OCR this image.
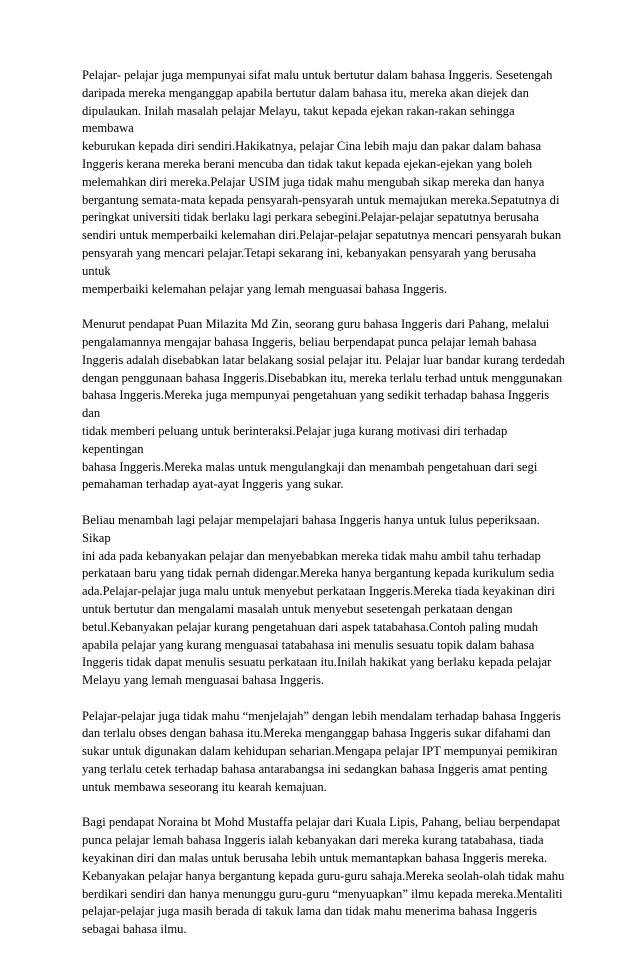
Pelajar- pelajar juga mempunyai sifat malu untuk bertutur dalam bahasa Inggeris. Sesetengah
daripada mereka menganggap apabila bertutur dalam bahasa itu, mereka akan diejek dan
dipulaukan. Inilah masalah pelajar Melayu, takut kepada ejekan rakan-rakan sehingga membawa
keburukan kepada diri sendiri.Hakikatnya, pelajar Cina lebih maju dan pakar dalam bahasa
Inggeris kerana mereka berani mencuba dan tidak takut kepada ejekan-ejekan yang boleh
melemahkan diri mereka.Pelajar USIM juga tidak mahu mengubah sikap mereka dan hanya
bergantung semata-mata kepada pensyarah-pensyarah untuk memajukan mereka.Sepatutnya di
peringkat universiti tidak berlaku lagi perkara sebegini.Pelajar-pelajar sepatutnya berusaha
sendiri untuk memperbaiki kelemahan diri.Pelajar-pelajar sepatutnya mencari pensyarah bukan
pensyarah yang mencari pelajar.Tetapi sekarang ini, kebanyakan pensyarah yang berusaha untuk
memperbaiki kelemahan pelajar yang lemah menguasai bahasa Inggeris.

Menurut pendapat Puan Milazita Md Zin, seorang guru bahasa Inggeris dari Pahang, melalui
pengalamannya mengajar bahasa Inggeris, beliau berpendapat punca pelajar lemah bahasa
Inggeris adalah disebabkan latar belakang sosial pelajar itu. Pelajar luar bandar kurang terdedah
dengan penggunaan bahasa Inggeris.Disebabkan itu, mereka terlalu terhad untuk menggunakan
bahasa Inggeris.Mereka juga mempunyai pengetahuan yang sedikit terhadap bahasa Inggeris dan
tidak memberi peluang untuk berinteraksi.Pelajar juga kurang motivasi diri terhadap kepentingan
bahasa Inggeris.Mereka malas untuk mengulangkaji dan menambah pengetahuan dari segi
pemahaman terhadap ayat-ayat Inggeris yang sukar.

Beliau menambah lagi pelajar mempelajari bahasa Inggeris hanya untuk lulus peperiksaan. Sikap
ini ada pada kebanyakan pelajar dan menyebabkan mereka tidak mahu ambil tahu terhadap
perkataan baru yang tidak pernah didengar.Mereka hanya bergantung kepada kurikulum sedia
ada.Pelajar-pelajar juga malu untuk menyebut perkataan Inggeris.Mereka tiada keyakinan diri
untuk bertutur dan mengalami masalah untuk menyebut sesetengah perkataan dengan
betul.Kebanyakan pelajar kurang pengetahuan dari aspek tatabahasa.Contoh paling mudah
apabila pelajar yang kurang menguasai tatabahasa ini menulis sesuatu topik dalam bahasa
Inggeris tidak dapat menulis sesuatu perkataan itu.Inilah hakikat yang berlaku kepada pelajar
Melayu yang lemah menguasai bahasa Inggeris.

Pelajar-pelajar juga tidak mahu “menjelajah” dengan lebih mendalam terhadap bahasa Inggeris
dan terlalu obses dengan bahasa itu.Mereka menganggap bahasa Inggeris sukar difahami dan
sukar untuk digunakan dalam kehidupan seharian.Mengapa pelajar IPT mempunyai pemikiran
yang terlalu cetek terhadap bahasa antarabangsa ini sedangkan bahasa Inggeris amat penting
untuk membawa seseorang itu kearah kemajuan.

Bagi pendapat Noraina bt Mohd Mustaffa pelajar dari Kuala Lipis, Pahang, beliau berpendapat
punca pelajar lemah bahasa Inggeris ialah kebanyakan dari mereka kurang tatabahasa, tiada
keyakinan diri dan malas untuk berusaha lebih untuk memantapkan bahasa Inggeris mereka.
Kebanyakan pelajar hanya bergantung kepada guru-guru sahaja.Mereka seolah-olah tidak mahu
berdikari sendiri dan hanya menunggu guru-guru “menyuapkan” ilmu kepada mereka.Mentaliti
pelajar-pelajar juga masih berada di takuk lama dan tidak mahu menerima bahasa Inggeris
sebagai bahasa ilmu.
